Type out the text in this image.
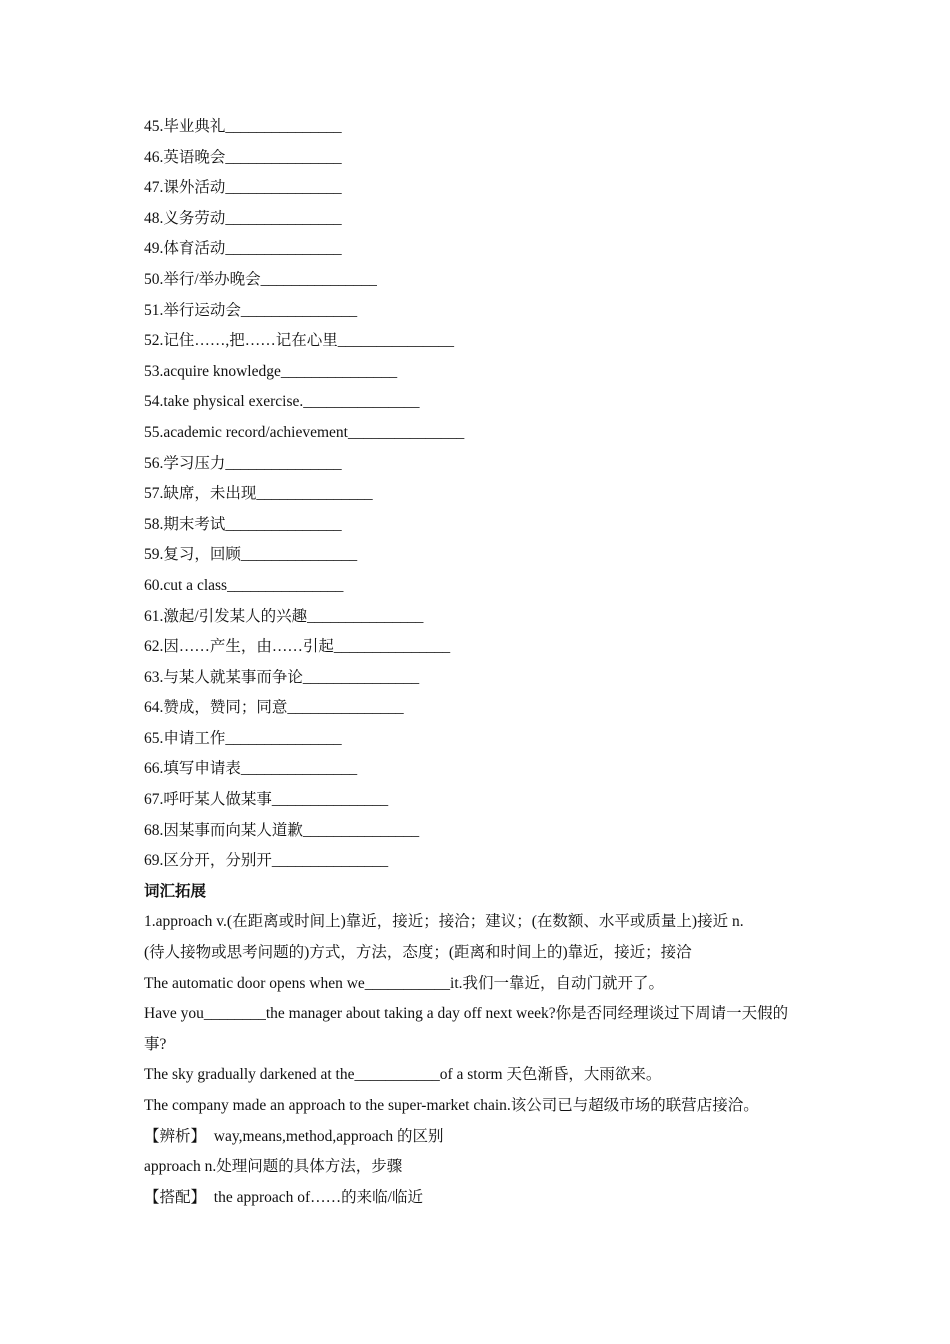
45.毕业典礼_______________
46.英语晚会_______________
47.课外活动_______________
48.义务劳动_______________
49.体育活动_______________
50.举行/举办晚会_______________
51.举行运动会_______________
52.记住……,把……记在心里_______________
53.acquire knowledge_______________
54.take physical exercise._______________
55.academic record/achievement_______________
56.学习压力_______________
57.缺席，未出现_______________
58.期末考试_______________
59.复习，回顾_______________
60.cut a class_______________
61.激起/引发某人的兴趣_______________
62.因……产生，由……引起_______________
63.与某人就某事而争论_______________
64.赞成，赞同；同意_______________
65.申请工作_______________
66.填写申请表_______________
67.呼吁某人做某事_______________
68.因某事而向某人道歉_______________
69.区分开，分别开_______________
词汇拓展
1.approach v.(在距离或时间上)靠近，接近；接洽；建议；(在数额、水平或质量上)接近 n.
(待人接物或思考问题的)方式，方法，态度；(距离和时间上的)靠近，接近；接洽
The automatic door opens when we___________it.我们一靠近，自动门就开了。
Have you________the manager about taking a day off next week?你是否同经理谈过下周请一天假的事?
The sky gradually darkened at the___________of a storm 天色渐昏，大雨欲来。
The company made an approach to the super-market chain.该公司已与超级市场的联营店接洽。
【辨析】 way,means,method,approach 的区别
approach n.处理问题的具体方法，步骤
【搭配】 the approach of……的来临/临近
